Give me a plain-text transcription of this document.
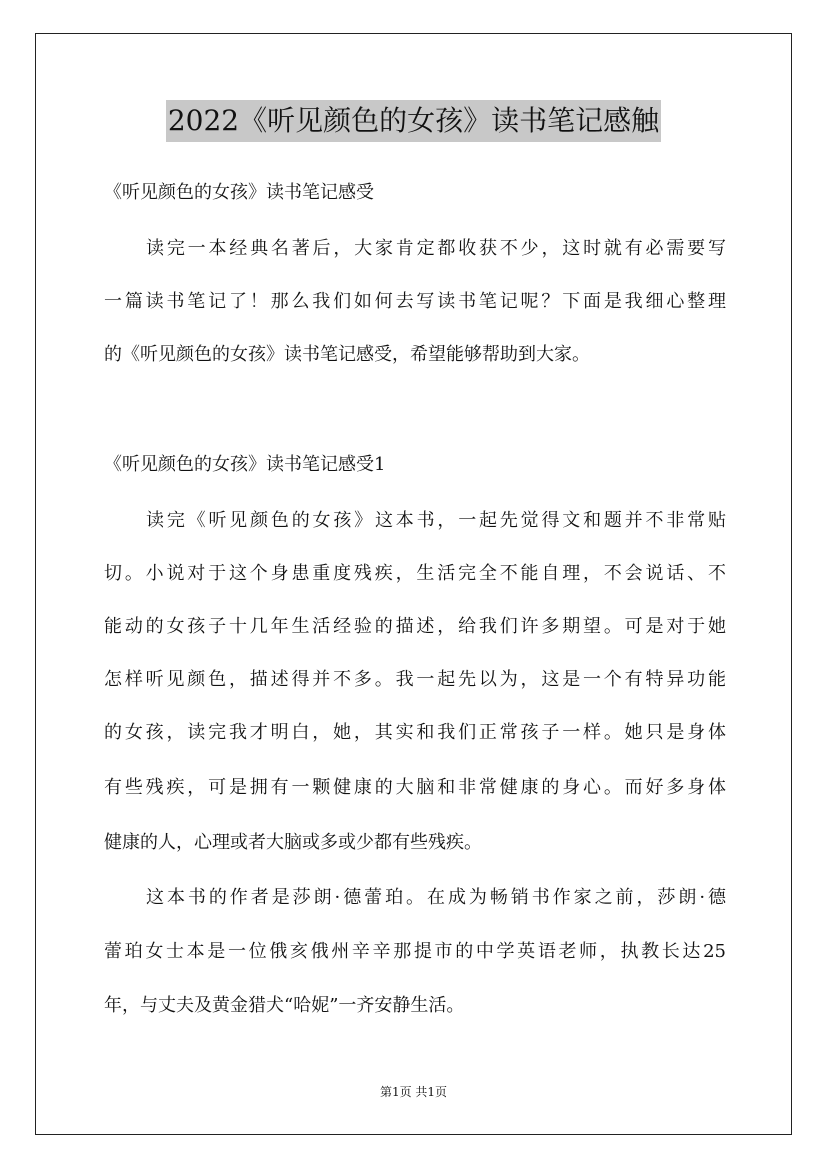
2022《听见颜色的女孩》读书笔记感触
《听见颜色的女孩》读书笔记感受
读完一本经典名著后，大家肯定都收获不少，这时就有必需要写
一篇读书笔记了！那么我们如何去写读书笔记呢？下面是我细心整理
的《听见颜色的女孩》读书笔记感受，希望能够帮助到大家。
《听见颜色的女孩》读书笔记感受1
读完《听见颜色的女孩》这本书，一起先觉得文和题并不非常贴
切。小说对于这个身患重度残疾，生活完全不能自理，不会说话、不
能动的女孩子十几年生活经验的描述，给我们许多期望。可是对于她
怎样听见颜色，描述得并不多。我一起先以为，这是一个有特异功能
的女孩，读完我才明白，她，其实和我们正常孩子一样。她只是身体
有些残疾，可是拥有一颗健康的大脑和非常健康的身心。而好多身体
健康的人，心理或者大脑或多或少都有些残疾。
这本书的作者是莎朗·德蕾珀。在成为畅销书作家之前，莎朗·德
蕾珀女士本是一位俄亥俄州辛辛那提市的中学英语老师，执教长达25
年，与丈夫及黄金猎犬“哈妮”一齐安静生活。
第1页 共1页
